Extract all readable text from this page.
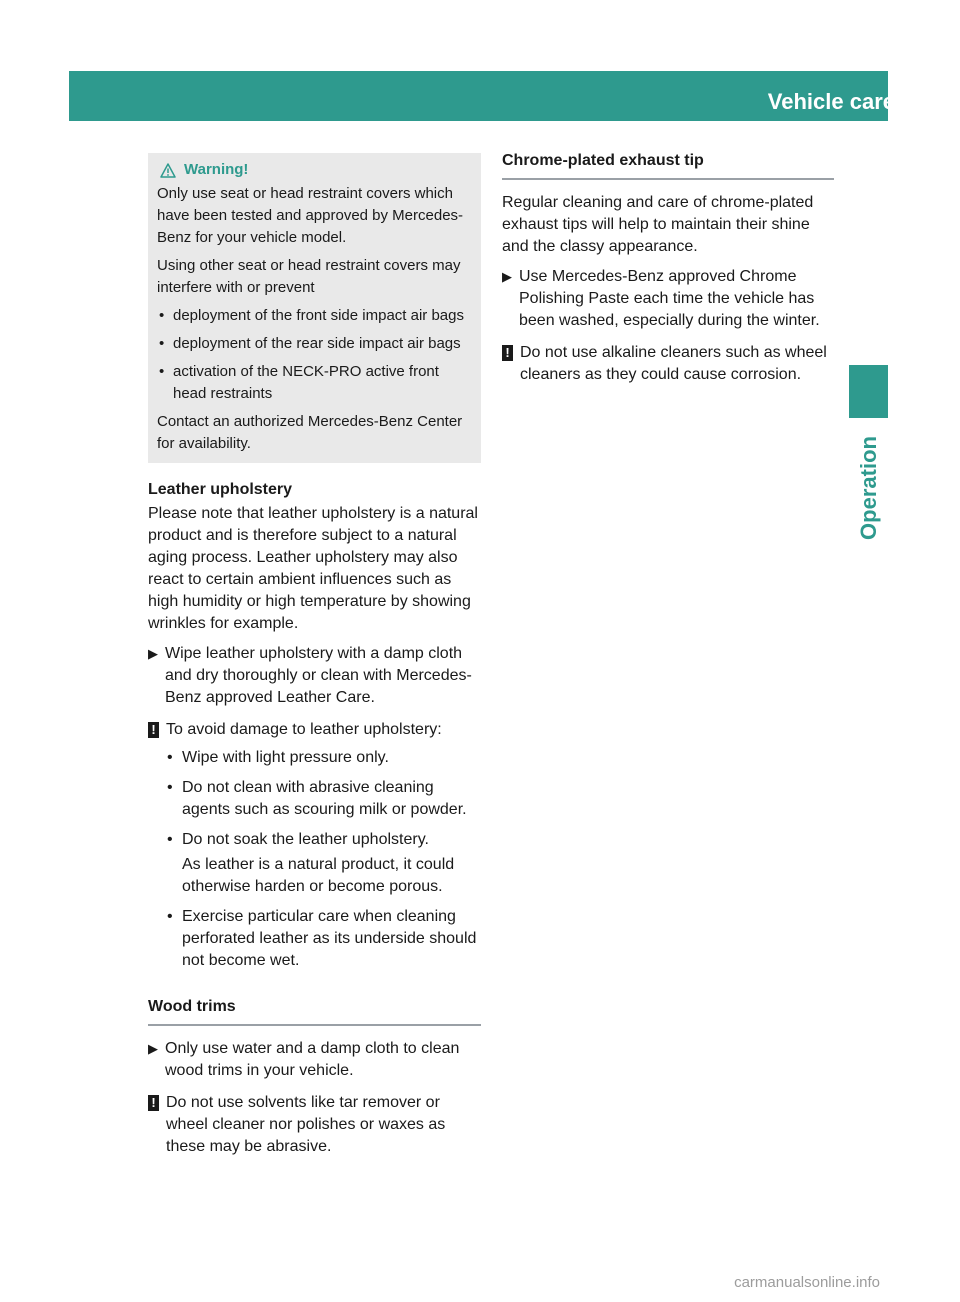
Vehicle care	447
Operation
Warning!

Only use seat or head restraint covers which have been tested and approved by Mercedes-Benz for your vehicle model.

Using other seat or head restraint covers may interfere with or prevent

• deployment of the front side impact air bags
• deployment of the rear side impact air bags
• activation of the NECK-PRO active front head restraints

Contact an authorized Mercedes-Benz Center for availability.

Leather upholstery

Please note that leather upholstery is a natural product and is therefore subject to a natural aging process. Leather upholstery may also react to certain ambient influences such as high humidity or high temperature by showing wrinkles for example.

▶ Wipe leather upholstery with a damp cloth and dry thoroughly or clean with Mercedes-Benz approved Leather Care.
! To avoid damage to leather upholstery:
• Wipe with light pressure only.
• Do not clean with abrasive cleaning agents such as scouring milk or powder.
• Do not soak the leather upholstery.
As leather is a natural product, it could otherwise harden or become porous.
• Exercise particular care when cleaning perforated leather as its underside should not become wet.
Wood trims
▶ Only use water and a damp cloth to clean wood trims in your vehicle.
! Do not use solvents like tar remover or wheel cleaner nor polishes or waxes as these may be abrasive.
Chrome-plated exhaust tip

Regular cleaning and care of chrome-plated exhaust tips will help to maintain their shine and the classy appearance.

▶ Use Mercedes-Benz approved Chrome Polishing Paste each time the vehicle has been washed, especially during the winter.
! Do not use alkaline cleaners such as wheel cleaners as they could cause corrosion.
carmanualsonline.info
